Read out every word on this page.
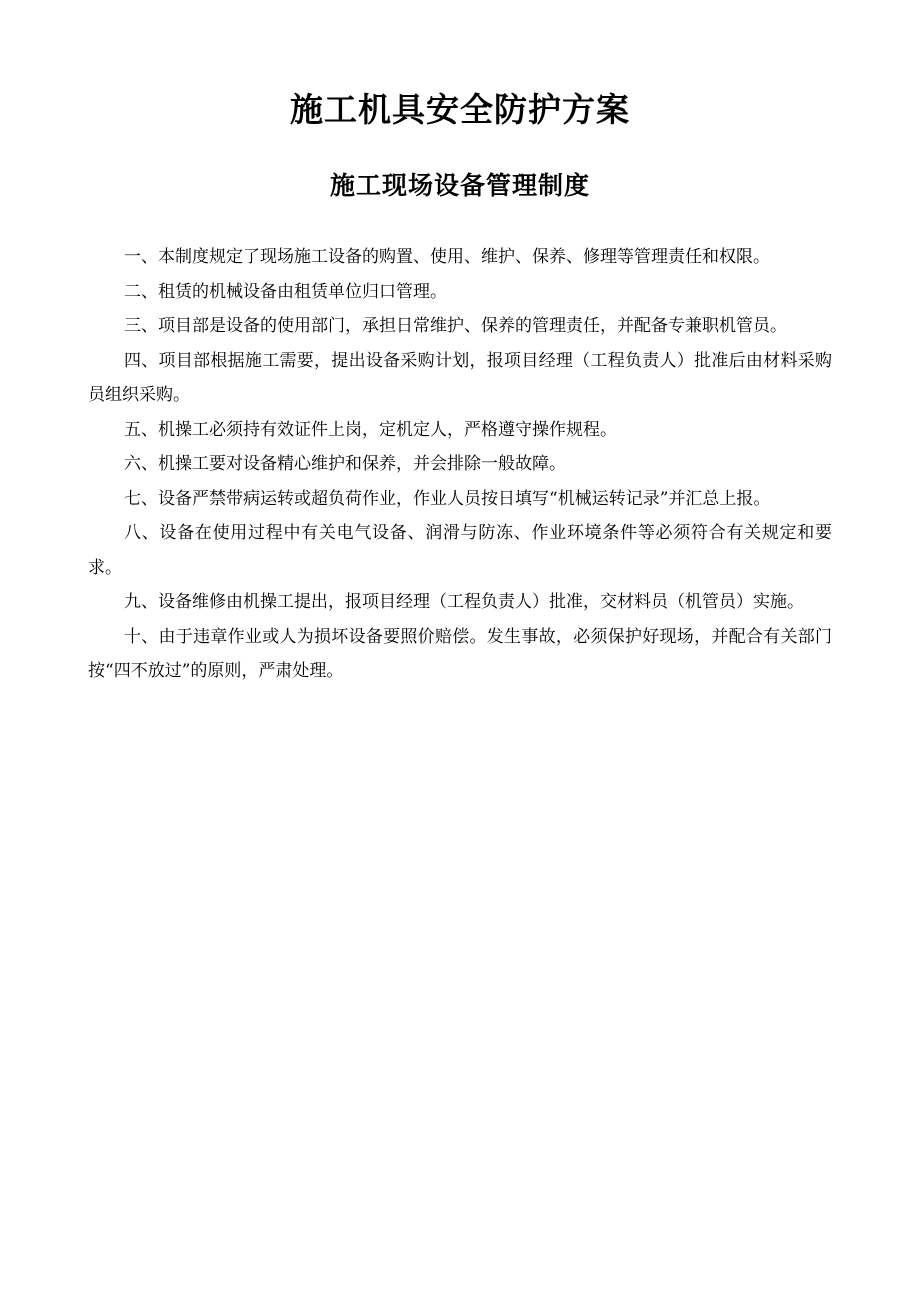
施工机具安全防护方案
施工现场设备管理制度

一、本制度规定了现场施工设备的购置、使用、维护、保养、修理等管理责任和权限。

二、租赁的机械设备由租赁单位归口管理。

三、项目部是设备的使用部门，承担日常维护、保养的管理责任，并配备专兼职机管员。

四、项目部根据施工需要，提出设备采购计划，报项目经理（工程负责人）批准后由材料采购员组织采购。

五、机操工必须持有效证件上岗，定机定人，严格遵守操作规程。

六、机操工要对设备精心维护和保养，并会排除一般故障。

七、设备严禁带病运转或超负荷作业，作业人员按日填写“机械运转记录”并汇总上报。

八、设备在使用过程中有关电气设备、润滑与防冻、作业环境条件等必须符合有关规定和要求。

九、设备维修由机操工提出，报项目经理（工程负责人）批准，交材料员（机管员）实施。

十、由于违章作业或人为损坏设备要照价赔偿。发生事故，必须保护好现场，并配合有关部门按“四不放过”的原则，严肃处理。
